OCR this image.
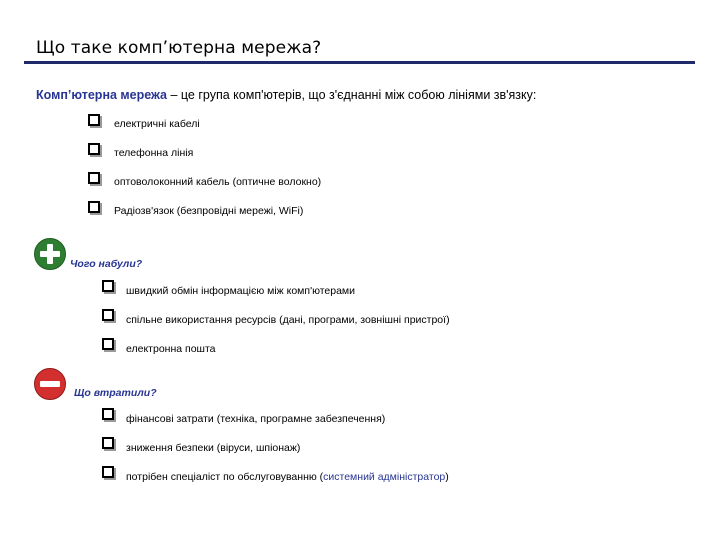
Що таке комп’ютерна мережа?
Комп’ютерна мережа – це група комп'ютерів, що з'єднанні між собою лініями зв'язку:
електричні кабелі
телефонна лінія
оптоволоконний кабель (оптичне волокно)
Радіозв'язок (безпровідні мережі, WiFi)
Чого набули?
швидкий обмін інформацією між комп'ютерами
спільне використання ресурсів (дані, програми, зовнішні пристрої)
електронна пошта
Що втратили?
фінансові затрати (техніка, програмне забезпечення)
зниження безпеки (віруси, шпіонаж)
потрібен спеціаліст по обслуговуванню (системний адміністратор)
